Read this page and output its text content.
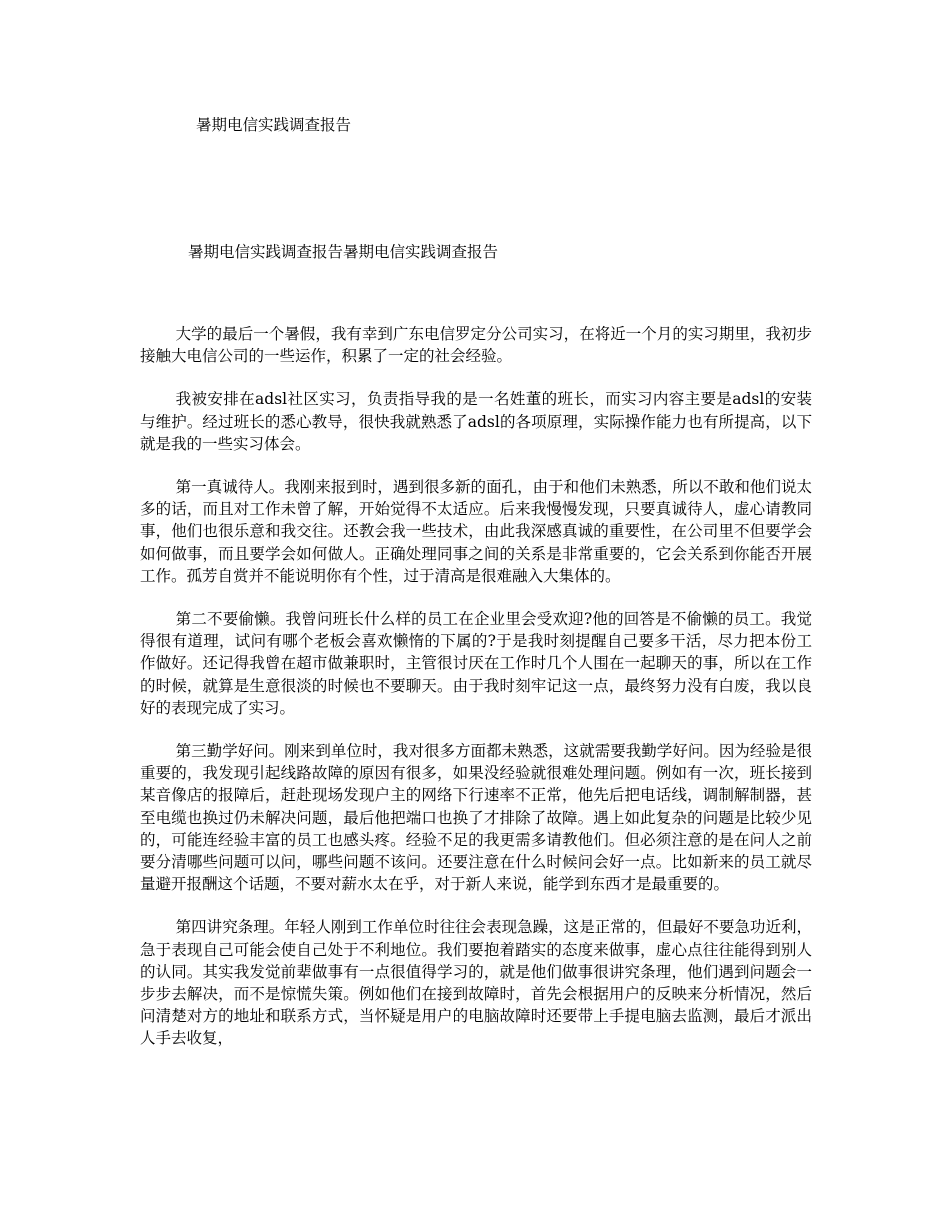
暑期电信实践调查报告
暑期电信实践调查报告暑期电信实践调查报告

大学的最后一个暑假，我有幸到广东电信罗定分公司实习，在将近一个月的实习期里，我初步接触大电信公司的一些运作，积累了一定的社会经验。

我被安排在adsl社区实习，负责指导我的是一名姓董的班长，而实习内容主要是adsl的安装与维护。经过班长的悉心教导，很快我就熟悉了adsl的各项原理，实际操作能力也有所提高，以下就是我的一些实习体会。

第一真诚待人。我刚来报到时，遇到很多新的面孔，由于和他们未熟悉，所以不敢和他们说太多的话，而且对工作未曾了解，开始觉得不太适应。后来我慢慢发现，只要真诚待人，虚心请教同事，他们也很乐意和我交往。还教会我一些技术，由此我深感真诚的重要性，在公司里不但要学会如何做事，而且要学会如何做人。正确处理同事之间的关系是非常重要的，它会关系到你能否开展工作。孤芳自赏并不能说明你有个性，过于清高是很难融入大集体的。

第二不要偷懒。我曾问班长什么样的员工在企业里会受欢迎?他的回答是不偷懒的员工。我觉得很有道理，试问有哪个老板会喜欢懒惰的下属的?于是我时刻提醒自己要多干活，尽力把本份工作做好。还记得我曾在超市做兼职时，主管很讨厌在工作时几个人围在一起聊天的事，所以在工作的时候，就算是生意很淡的时候也不要聊天。由于我时刻牢记这一点，最终努力没有白废，我以良好的表现完成了实习。

第三勤学好问。刚来到单位时，我对很多方面都未熟悉，这就需要我勤学好问。因为经验是很重要的，我发现引起线路故障的原因有很多，如果没经验就很难处理问题。例如有一次，班长接到某音像店的报障后，赶赴现场发现户主的网络下行速率不正常，他先后把电话线，调制解制器，甚至电缆也换过仍未解决问题，最后他把端口也换了才排除了故障。遇上如此复杂的问题是比较少见的，可能连经验丰富的员工也感头疼。经验不足的我更需多请教他们。但必须注意的是在问人之前要分清哪些问题可以问，哪些问题不该问。还要注意在什么时候问会好一点。比如新来的员工就尽量避开报酬这个话题，不要对薪水太在乎，对于新人来说，能学到东西才是最重要的。

第四讲究条理。年轻人刚到工作单位时往往会表现急躁，这是正常的，但最好不要急功近利，急于表现自己可能会使自己处于不利地位。我们要抱着踏实的态度来做事，虚心点往往能得到别人的认同。其实我发觉前辈做事有一点很值得学习的，就是他们做事很讲究条理，他们遇到问题会一步步去解决，而不是惊慌失策。例如他们在接到故障时，首先会根据用户的反映来分析情况，然后问清楚对方的地址和联系方式，当怀疑是用户的电脑故障时还要带上手提电脑去监测，最后才派出人手去收复，
